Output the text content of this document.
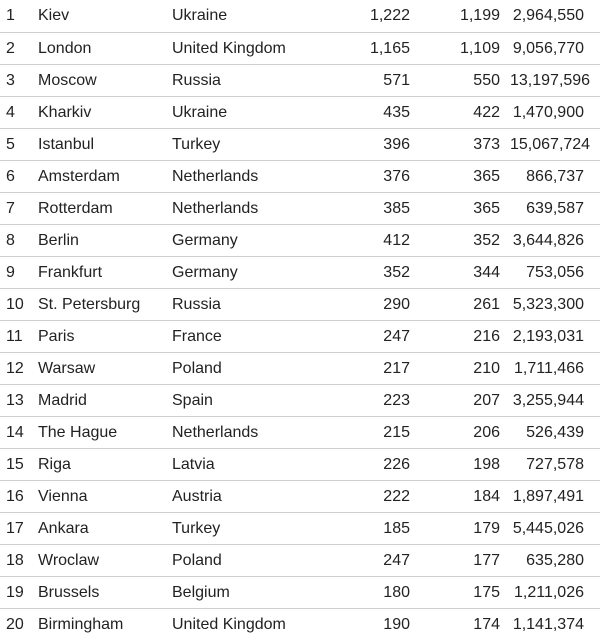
1	Kiev	Ukraine	1,222	1,199	2,964,550
2	London	United Kingdom	1,165	1,109	9,056,770
3	Moscow	Russia	571	550	13,197,596
4	Kharkiv	Ukraine	435	422	1,470,900
5	Istanbul	Turkey	396	373	15,067,724
6	Amsterdam	Netherlands	376	365	866,737
7	Rotterdam	Netherlands	385	365	639,587
8	Berlin	Germany	412	352	3,644,826
9	Frankfurt	Germany	352	344	753,056
10	St. Petersburg	Russia	290	261	5,323,300
11	Paris	France	247	216	2,193,031
12	Warsaw	Poland	217	210	1,711,466
13	Madrid	Spain	223	207	3,255,944
14	The Hague	Netherlands	215	206	526,439
15	Riga	Latvia	226	198	727,578
16	Vienna	Austria	222	184	1,897,491
17	Ankara	Turkey	185	179	5,445,026
18	Wroclaw	Poland	247	177	635,280
19	Brussels	Belgium	180	175	1,211,026
20	Birmingham	United Kingdom	190	174	1,141,374
